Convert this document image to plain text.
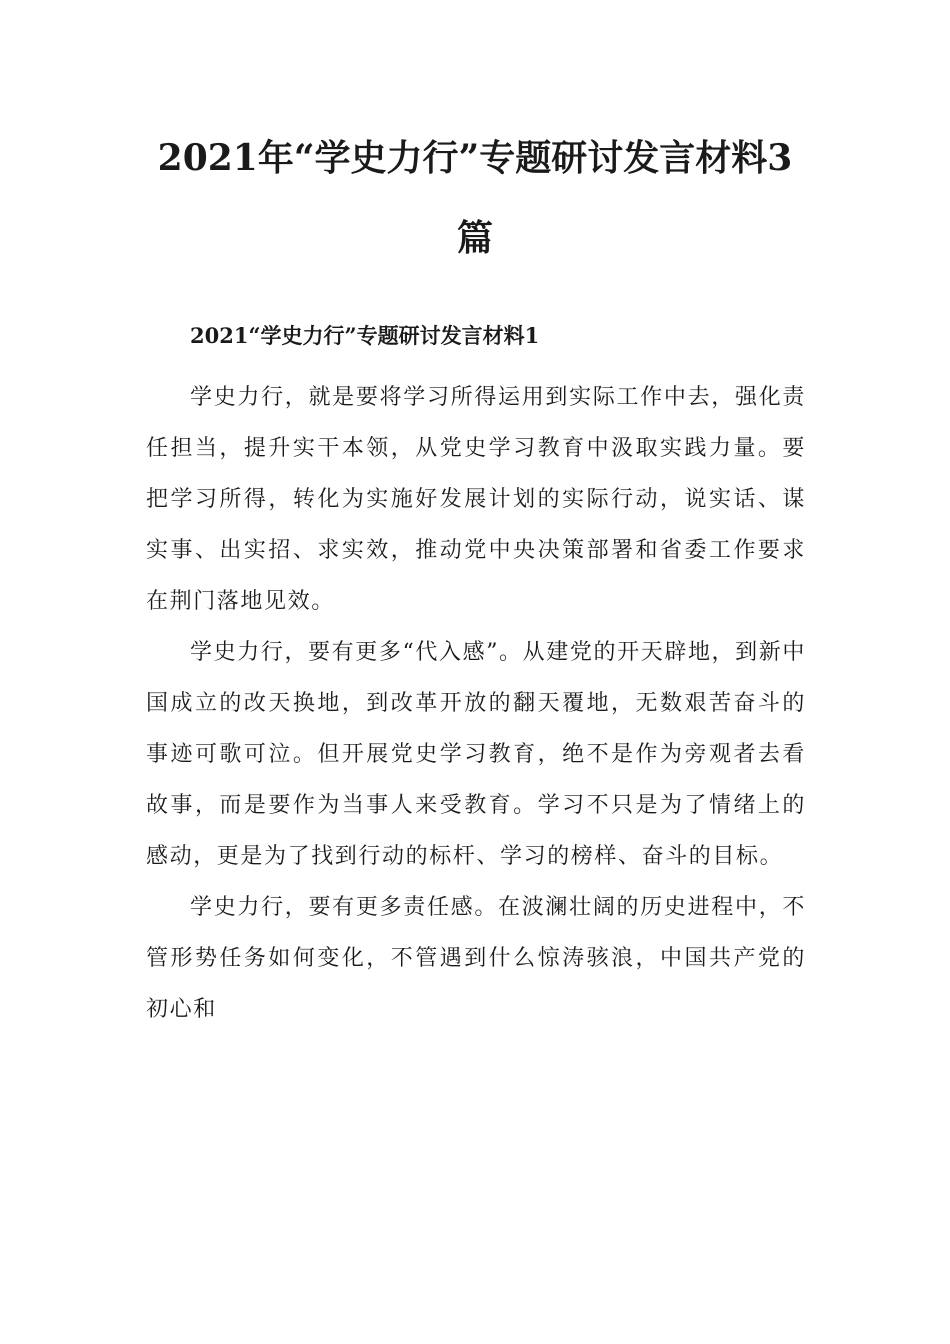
2021年“学史力行”专题研讨发言材料3篇
2021“学史力行”专题研讨发言材料1

学史力行，就是要将学习所得运用到实际工作中去，强化责任担当，提升实干本领，从党史学习教育中汲取实践力量。要把学习所得，转化为实施好发展计划的实际行动，说实话、谋实事、出实招、求实效，推动党中央决策部署和省委工作要求在荆门落地见效。

学史力行，要有更多“代入感”。从建党的开天辟地，到新中国成立的改天换地，到改革开放的翻天覆地，无数艰苦奋斗的事迹可歌可泣。但开展党史学习教育，绝不是作为旁观者去看故事，而是要作为当事人来受教育。学习不只是为了情绪上的感动，更是为了找到行动的标杆、学习的榜样、奋斗的目标。

学史力行，要有更多责任感。在波澜壮阔的历史进程中，不管形势任务如何变化，不管遇到什么惊涛骇浪，中国共产党的初心和
